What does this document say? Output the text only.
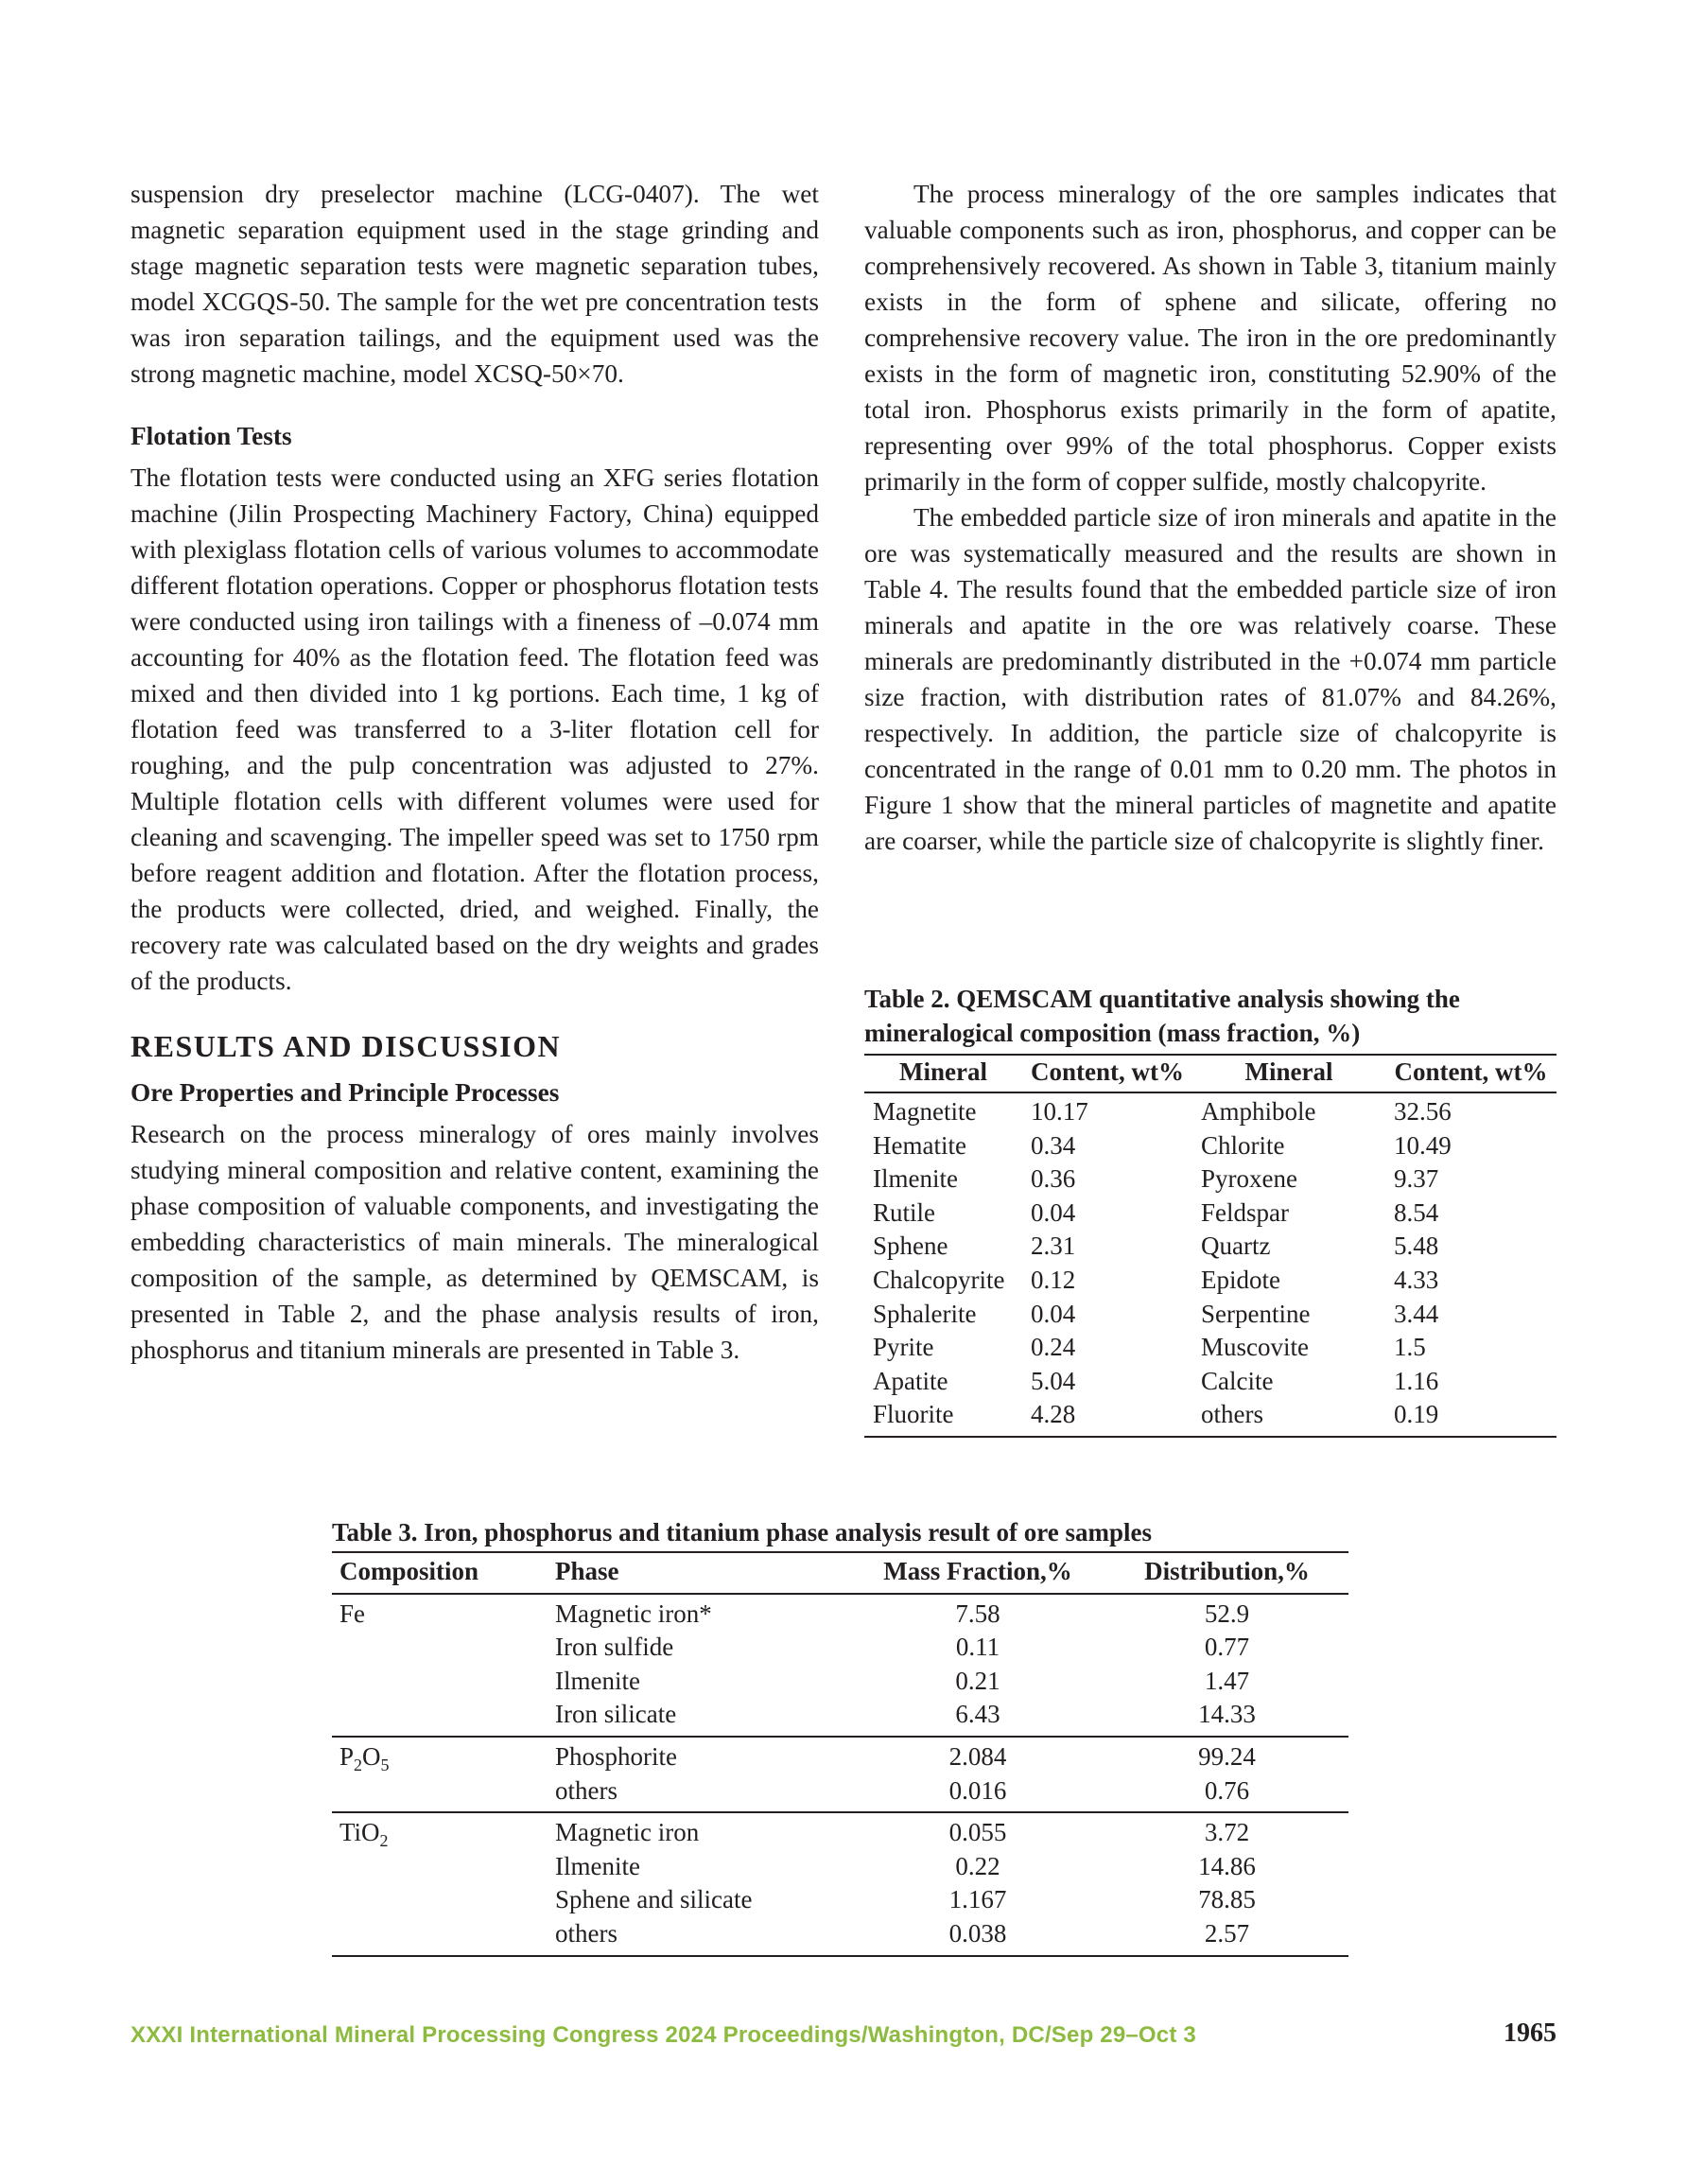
suspension dry preselector machine (LCG-0407). The wet magnetic separation equipment used in the stage grinding and stage magnetic separation tests were magnetic separation tubes, model XCGQS-50. The sample for the wet pre concentration tests was iron separation tailings, and the equipment used was the strong magnetic machine, model XCSQ-50×70.

Flotation Tests

The flotation tests were conducted using an XFG series flotation machine (Jilin Prospecting Machinery Factory, China) equipped with plexiglass flotation cells of various volumes to accommodate different flotation operations. Copper or phosphorus flotation tests were conducted using iron tailings with a fineness of –0.074 mm accounting for 40% as the flotation feed. The flotation feed was mixed and then divided into 1 kg portions. Each time, 1 kg of flotation feed was transferred to a 3-liter flotation cell for roughing, and the pulp concentration was adjusted to 27%. Multiple flotation cells with different volumes were used for cleaning and scavenging. The impeller speed was set to 1750 rpm before reagent addition and flotation. After the flotation process, the products were collected, dried, and weighed. Finally, the recovery rate was calculated based on the dry weights and grades of the products.

RESULTS AND DISCUSSION
Ore Properties and Principle Processes

Research on the process mineralogy of ores mainly involves studying mineral composition and relative content, examining the phase composition of valuable components, and investigating the embedding characteristics of main minerals. The mineralogical composition of the sample, as determined by QEMSCAM, is presented in Table 2, and the phase analysis results of iron, phosphorus and titanium minerals are presented in Table 3.

The process mineralogy of the ore samples indicates that valuable components such as iron, phosphorus, and copper can be comprehensively recovered. As shown in Table 3, titanium mainly exists in the form of sphene and silicate, offering no comprehensive recovery value. The iron in the ore predominantly exists in the form of magnetic iron, constituting 52.90% of the total iron. Phosphorus exists primarily in the form of apatite, representing over 99% of the total phosphorus. Copper exists primarily in the form of copper sulfide, mostly chalcopyrite.

The embedded particle size of iron minerals and apatite in the ore was systematically measured and the results are shown in Table 4. The results found that the embedded particle size of iron minerals and apatite in the ore was relatively coarse. These minerals are predominantly distributed in the +0.074 mm particle size fraction, with distribution rates of 81.07% and 84.26%, respectively. In addition, the particle size of chalcopyrite is concentrated in the range of 0.01 mm to 0.20 mm. The photos in Figure 1 show that the mineral particles of magnetite and apatite are coarser, while the particle size of chalcopyrite is slightly finer.

Table 2. QEMSCAM quantitative analysis showing the mineralogical composition (mass fraction, %)
Mineral	Content, wt%	Mineral	Content, wt%
Magnetite	10.17	Amphibole	32.56
Hematite	0.34	Chlorite	10.49
Ilmenite	0.36	Pyroxene	9.37
Rutile	0.04	Feldspar	8.54
Sphene	2.31	Quartz	5.48
Chalcopyrite	0.12	Epidote	4.33
Sphalerite	0.04	Serpentine	3.44
Pyrite	0.24	Muscovite	1.5
Apatite	5.04	Calcite	1.16
Fluorite	4.28	others	0.19
Table 3. Iron, phosphorus and titanium phase analysis result of ore samples
Composition	Phase	Mass Fraction,%	Distribution,%
Fe	Magnetic iron*	7.58	52.9
	Iron sulfide	0.11	0.77
	Ilmenite	0.21	1.47
	Iron silicate	6.43	14.33
$P_2O_5$	Phosphorite	2.084	99.24
	others	0.016	0.76
TiO$_2$	Magnetic iron	0.055	3.72
	Ilmenite	0.22	14.86
	Sphene and silicate	1.167	78.85
	others	0.038	2.57
XXXI International Mineral Processing Congress 2024 Proceedings/Washington, DC/Sep 29–Oct 3	1965
